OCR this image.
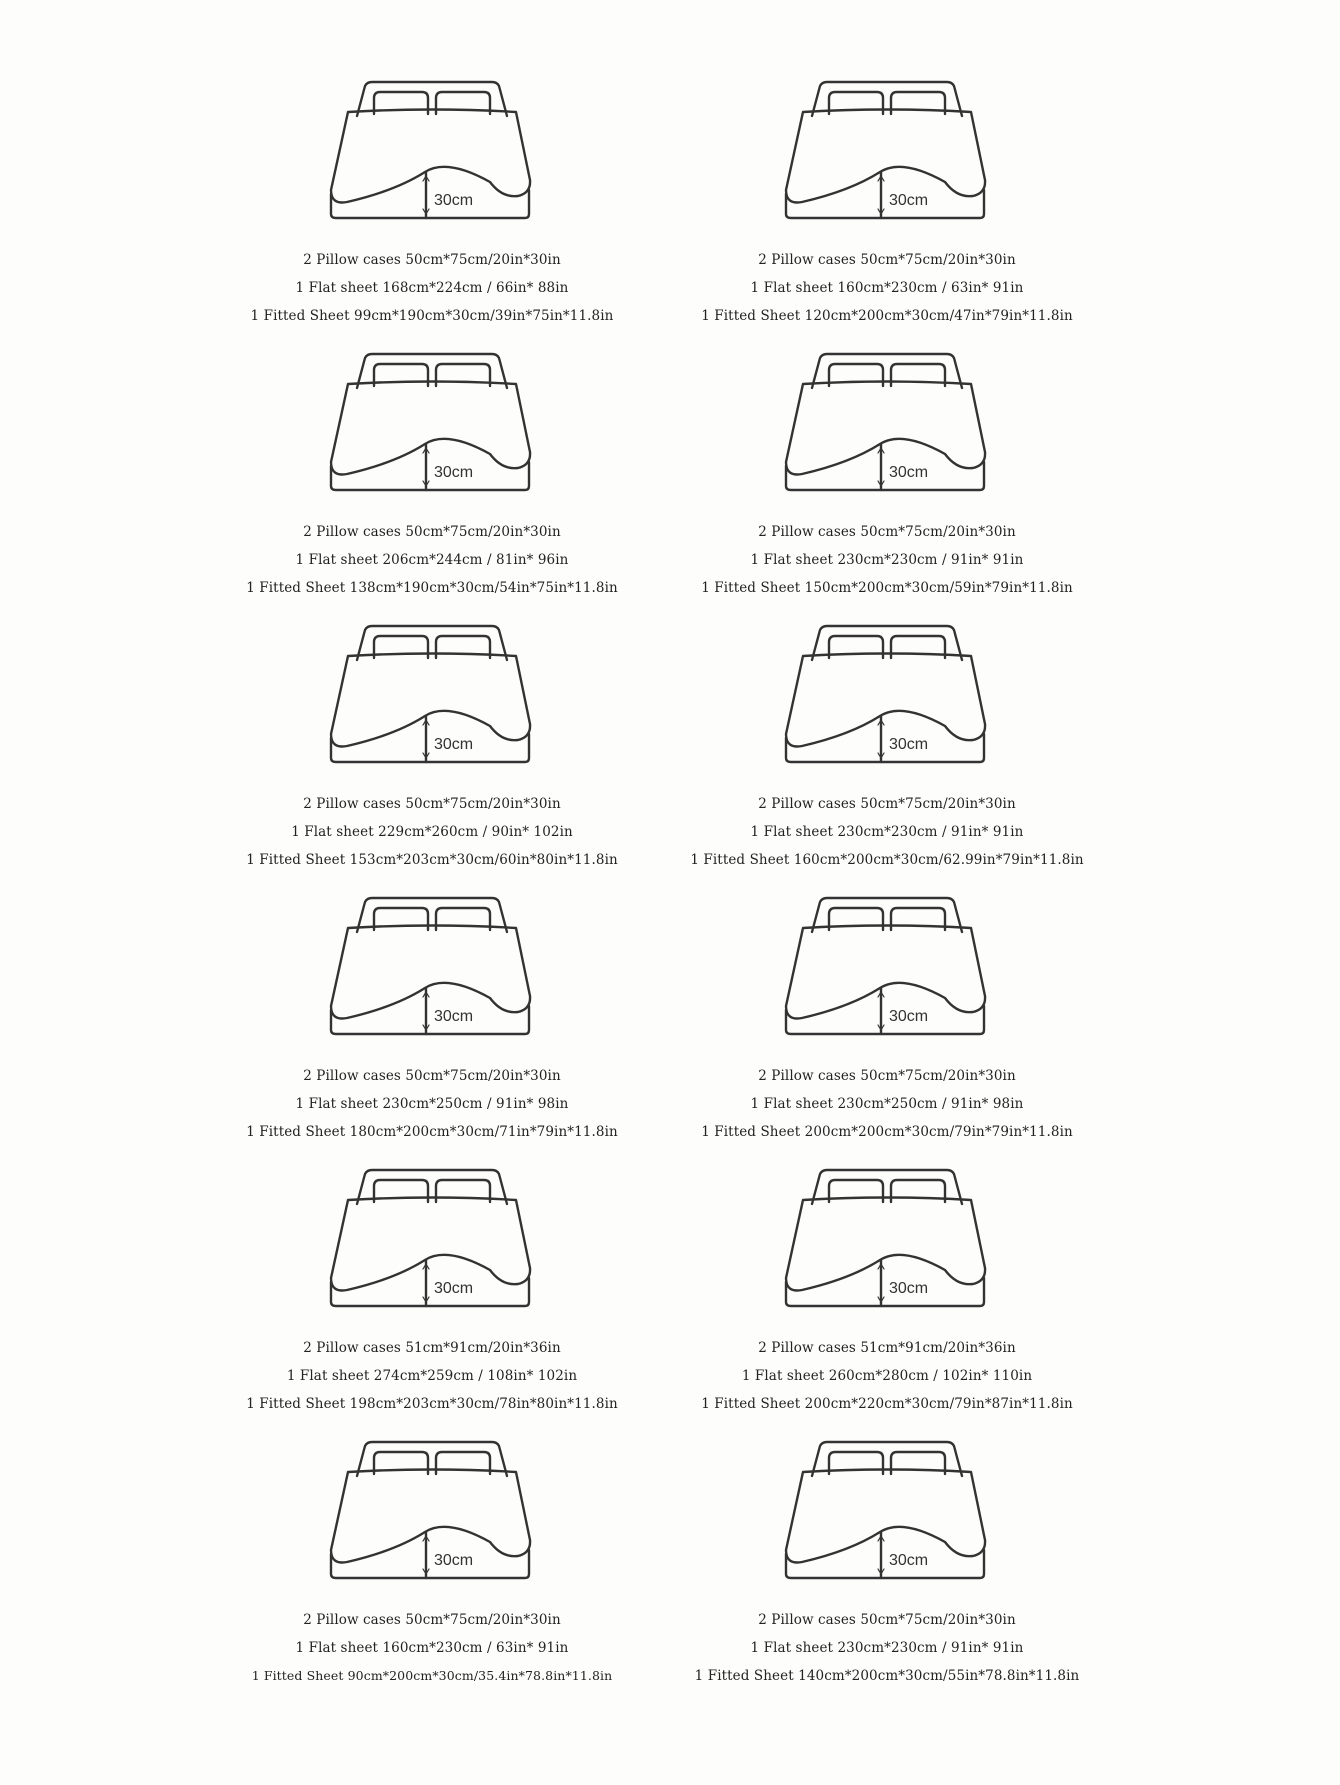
30cm
2 Pillow cases 50cm*75cm/20in*30in
1 Flat sheet 168cm*224cm / 66in* 88in
1 Fitted Sheet 99cm*190cm*30cm/39in*75in*11.8in
30cm
2 Pillow cases 50cm*75cm/20in*30in
1 Flat sheet 160cm*230cm / 63in* 91in
1 Fitted Sheet 120cm*200cm*30cm/47in*79in*11.8in
30cm
2 Pillow cases 50cm*75cm/20in*30in
1 Flat sheet 206cm*244cm / 81in* 96in
1 Fitted Sheet 138cm*190cm*30cm/54in*75in*11.8in
30cm
2 Pillow cases 50cm*75cm/20in*30in
1 Flat sheet 230cm*230cm / 91in* 91in
1 Fitted Sheet 150cm*200cm*30cm/59in*79in*11.8in
30cm
2 Pillow cases 50cm*75cm/20in*30in
1 Flat sheet 229cm*260cm / 90in* 102in
1 Fitted Sheet 153cm*203cm*30cm/60in*80in*11.8in
30cm
2 Pillow cases 50cm*75cm/20in*30in
1 Flat sheet 230cm*230cm / 91in* 91in
1 Fitted Sheet 160cm*200cm*30cm/62.99in*79in*11.8in
30cm
2 Pillow cases 50cm*75cm/20in*30in
1 Flat sheet 230cm*250cm / 91in* 98in
1 Fitted Sheet 180cm*200cm*30cm/71in*79in*11.8in
30cm
2 Pillow cases 50cm*75cm/20in*30in
1 Flat sheet 230cm*250cm / 91in* 98in
1 Fitted Sheet 200cm*200cm*30cm/79in*79in*11.8in
30cm
2 Pillow cases 51cm*91cm/20in*36in
1 Flat sheet 274cm*259cm / 108in* 102in
1 Fitted Sheet 198cm*203cm*30cm/78in*80in*11.8in
30cm
2 Pillow cases 51cm*91cm/20in*36in
1 Flat sheet 260cm*280cm / 102in* 110in
1 Fitted Sheet 200cm*220cm*30cm/79in*87in*11.8in
30cm
2 Pillow cases 50cm*75cm/20in*30in
1 Flat sheet 160cm*230cm / 63in* 91in
1 Fitted Sheet 90cm*200cm*30cm/35.4in*78.8in*11.8in
30cm
2 Pillow cases 50cm*75cm/20in*30in
1 Flat sheet 230cm*230cm / 91in* 91in
1 Fitted Sheet 140cm*200cm*30cm/55in*78.8in*11.8in
